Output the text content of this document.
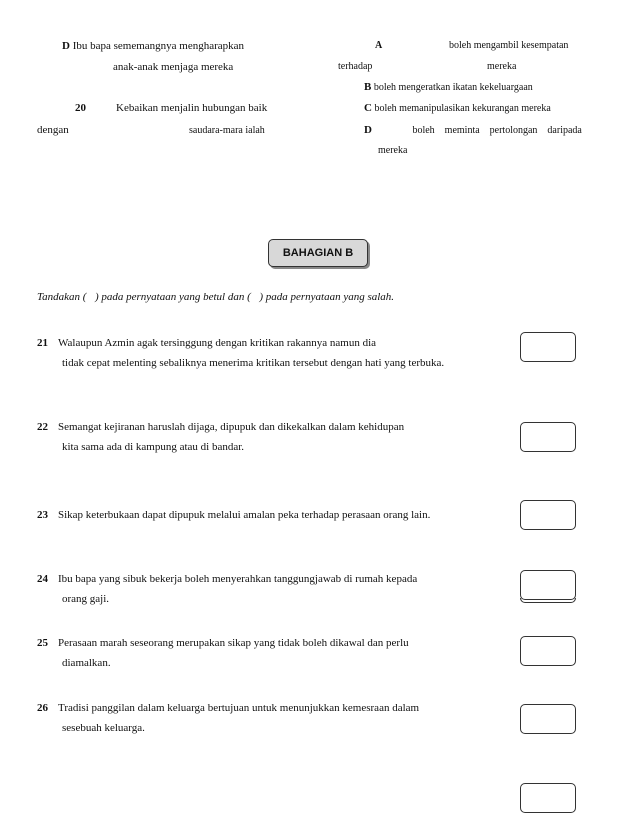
D Ibu bapa sememangnya mengharapkan
anak-anak menjaga mereka
20	Kebaikan menjalin hubungan baik
dengan	saudara-mara ialah
A	boleh mengambil kesempatan
terhadap	mereka
B boleh mengeratkan ikatan kekeluargaan
C boleh memanipulasikan kekurangan mereka
D	boleh    meminta    pertolongan    daripada
mereka
BAHAGIAN B
Tandakan ( ) pada pernyataan yang betul dan ( ) pada pernyataan yang salah.
21 Walaupun Azmin agak tersinggung dengan kritikan rakannya namun dia
tidak cepat melenting sebaliknya menerima kritikan tersebut dengan hati yang terbuka.
22 Semangat kejiranan haruslah dijaga, dipupuk dan dikekalkan dalam kehidupan
kita sama ada di kampung atau di bandar.
23 Sikap keterbukaan dapat dipupuk melalui amalan peka terhadap perasaan orang lain.
24 Ibu bapa yang sibuk bekerja boleh menyerahkan tanggungjawab di rumah kepada
orang gaji.
25 Perasaan marah seseorang merupakan sikap yang tidak boleh dikawal dan perlu
diamalkan.
26 Tradisi panggilan dalam keluarga bertujuan untuk menunjukkan kemesraan dalam
sesebuah keluarga.
